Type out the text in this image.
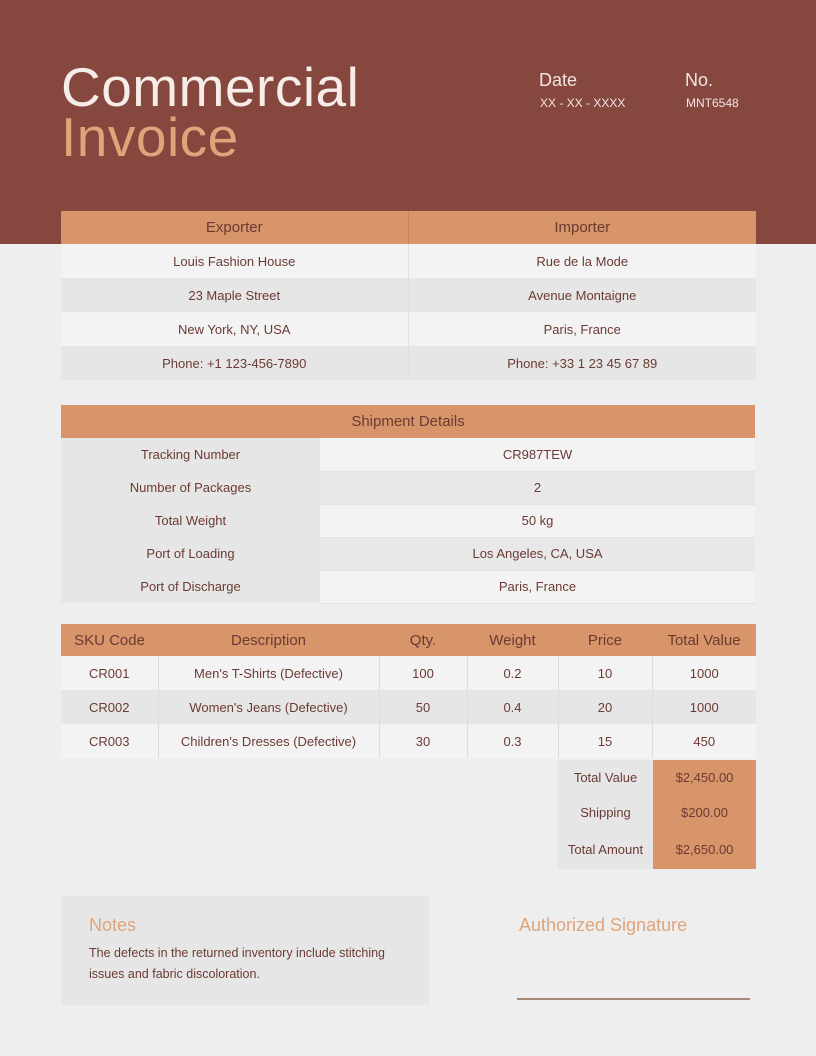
Commercial
Invoice
Date
XX - XX - XXXX
No.
MNT6548
Exporter	Importer
Louis Fashion House	Rue de la Mode
23 Maple Street	Avenue Montaigne
New York, NY, USA	Paris, France
Phone: +1 123-456-7890	Phone: +33 1 23 45 67 89
Shipment Details	
Tracking Number	CR987TEW
Number of Packages	2
Total Weight	50 kg
Port of Loading	Los Angeles, CA, USA
Port of Discharge	Paris, France
SKU Code	Description	Qty.	Weight	Price	Total Value
CR001	Men's T-Shirts (Defective)	100	0.2	10	1000
CR002	Women's Jeans (Defective)	50	0.4	20	1000
CR003	Children's Dresses (Defective)	30	0.3	15	450
Total Value	$2,450.00
Shipping	$200.00
Total Amount	$2,650.00
Notes
The defects in the returned inventory include stitching
issues and fabric discoloration.
Authorized Signature
